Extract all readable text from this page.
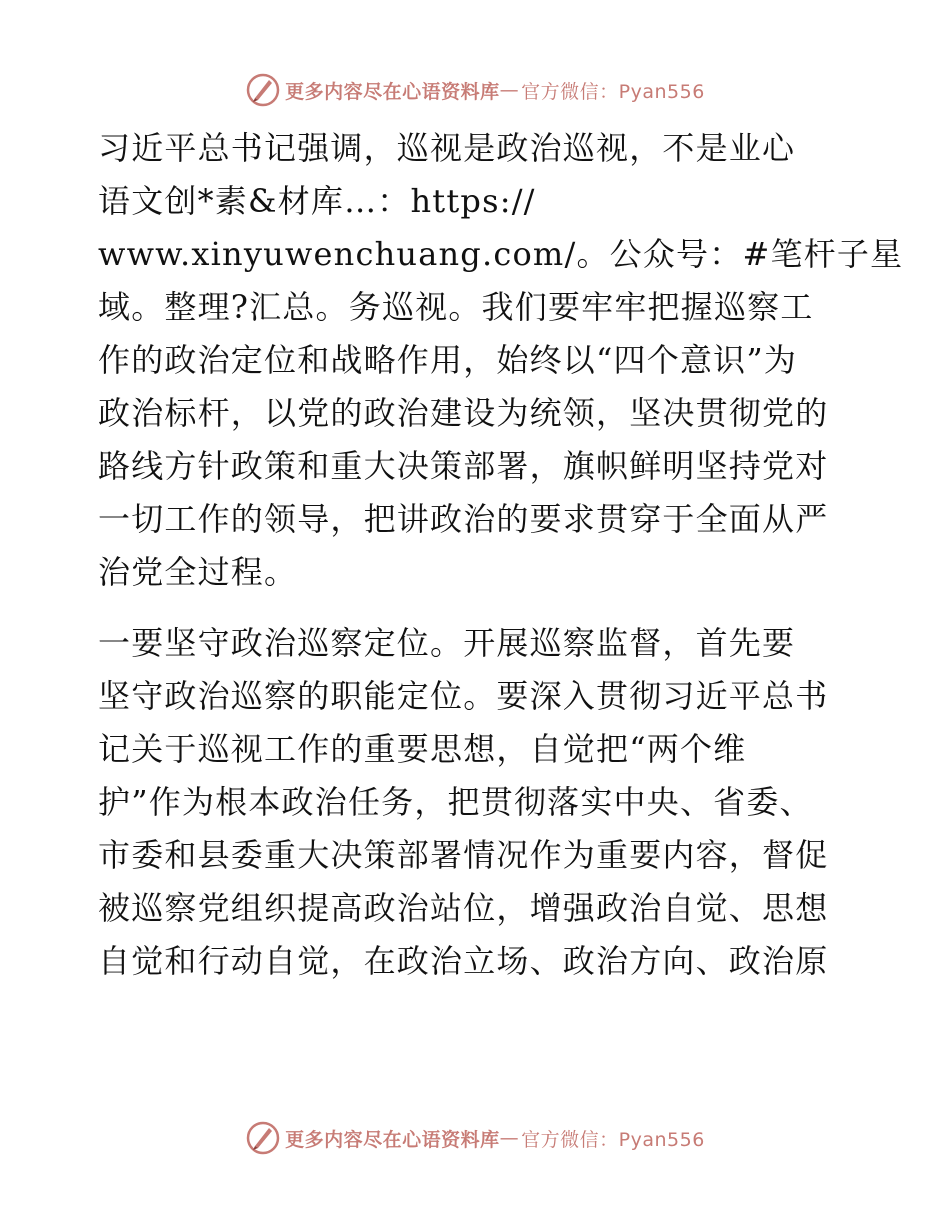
更多内容尽在心语资料库 — 官方微信：Pyan556
习近平总书记强调，巡视是政治巡视，不是业心
语文创*素&材库…：https://
www.xinyuwenchuang.com/。公众号：#笔杆子星
域。整理?汇总。务巡视。我们要牢牢把握巡察工
作的政治定位和战略作用，始终以“四个意识”为
政治标杆，以党的政治建设为统领，坚决贯彻党的
路线方针政策和重大决策部署，旗帜鲜明坚持党对
一切工作的领导，把讲政治的要求贯穿于全面从严
治党全过程。
一要坚守政治巡察定位。开展巡察监督，首先要
坚守政治巡察的职能定位。要深入贯彻习近平总书
记关于巡视工作的重要思想，自觉把“两个维
护”作为根本政治任务，把贯彻落实中央、省委、
市委和县委重大决策部署情况作为重要内容，督促
被巡察党组织提高政治站位，增强政治自觉、思想
自觉和行动自觉，在政治立场、政治方向、政治原
更多内容尽在心语资料库 — 官方微信：Pyan556
